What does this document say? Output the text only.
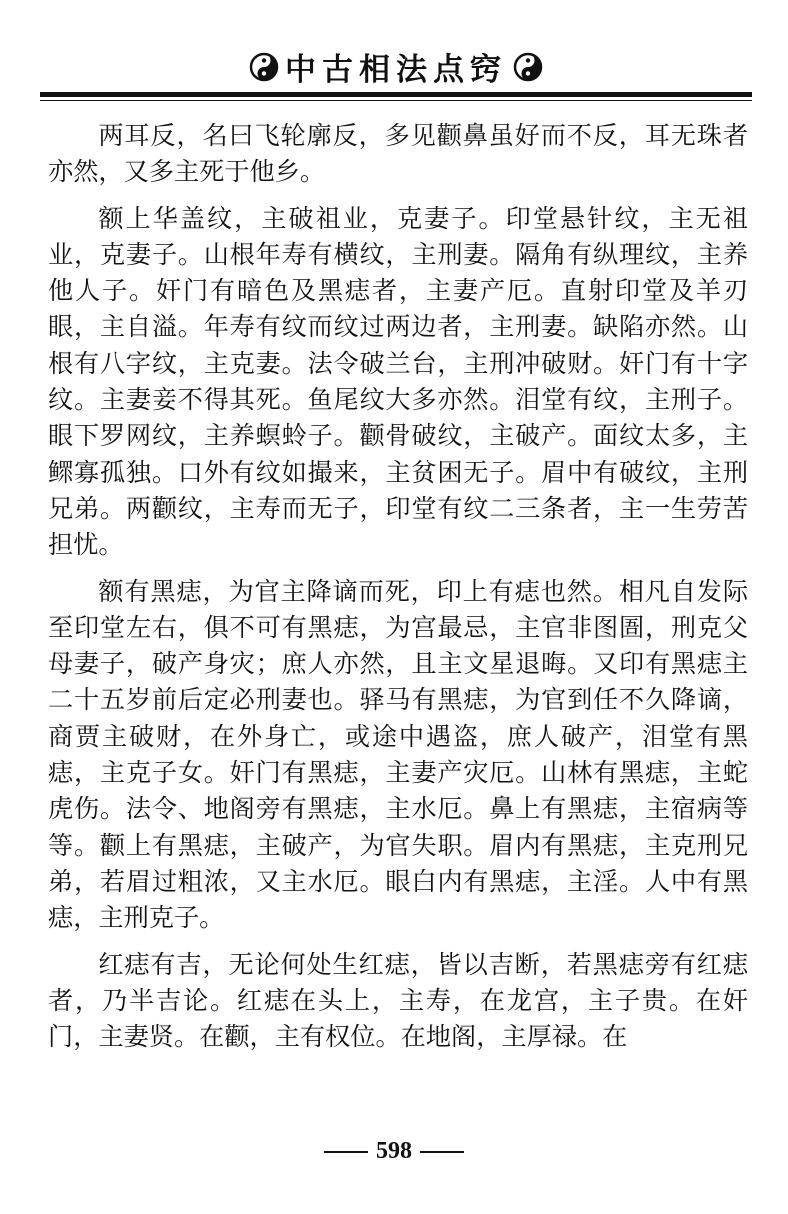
中古相法点窍

两耳反，名曰飞轮廓反，多见颧鼻虽好而不反，耳无珠者亦然，又多主死于他乡。

额上华盖纹，主破祖业，克妻子。印堂悬针纹，主无祖业，克妻子。山根年寿有横纹，主刑妻。隔角有纵理纹，主养他人子。奸门有暗色及黑痣者，主妻产厄。直射印堂及羊刃眼，主自溢。年寿有纹而纹过两边者，主刑妻。缺陷亦然。山根有八字纹，主克妻。法令破兰台，主刑冲破财。奸门有十字纹。主妻妾不得其死。鱼尾纹大多亦然。泪堂有纹，主刑子。眼下罗网纹，主养螟蛉子。颧骨破纹，主破产。面纹太多，主鳏寡孤独。口外有纹如撮来，主贫困无子。眉中有破纹，主刑兄弟。两颧纹，主寿而无子，印堂有纹二三条者，主一生劳苦担忧。

额有黑痣，为官主降谪而死，印上有痣也然。相凡自发际至印堂左右，俱不可有黑痣，为宫最忌，主官非图圄，刑克父母妻子，破产身灾；庶人亦然，且主文星退晦。又印有黑痣主二十五岁前后定必刑妻也。驿马有黑痣，为官到任不久降谪，商贾主破财，在外身亡，或途中遇盗，庶人破产，泪堂有黑痣，主克子女。奸门有黑痣，主妻产灾厄。山林有黑痣，主蛇虎伤。法令、地阁旁有黑痣，主水厄。鼻上有黑痣，主宿病等等。颧上有黑痣，主破产，为官失职。眉内有黑痣，主克刑兄弟，若眉过粗浓，又主水厄。眼白内有黑痣，主淫。人中有黑痣，主刑克子。

红痣有吉，无论何处生红痣，皆以吉断，若黑痣旁有红痣者，乃半吉论。红痣在头上，主寿，在龙宫，主子贵。在奸门，主妻贤。在颧，主有权位。在地阁，主厚禄。在

598
